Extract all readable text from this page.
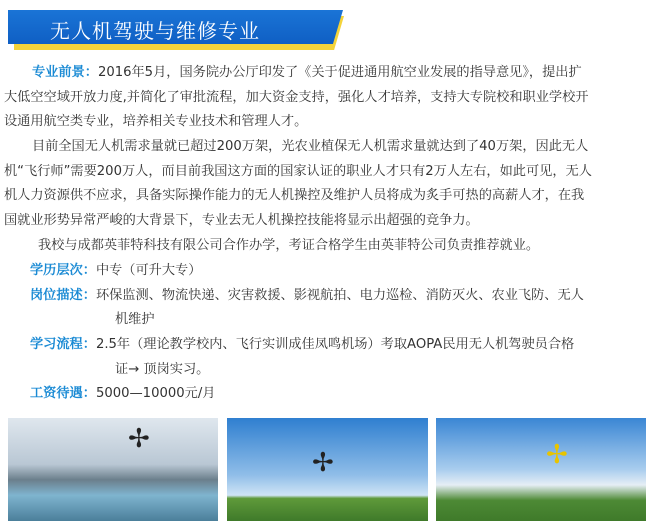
无人机驾驶与维修专业
专业前景：2016年5月，国务院办公厅印发了《关于促进通用航空业发展的指导意见》，提出扩
大低空空域开放力度,并简化了审批流程，加大资金支持，强化人才培养，支持大专院校和职业学校开
设通用航空类专业，培养相关专业技术和管理人才。
目前全国无人机需求量就已超过200万架，光农业植保无人机需求量就达到了40万架，因此无人
机“飞行师”需要200万人，而目前我国这方面的国家认证的职业人才只有2万人左右，如此可见，无人
机人力资源供不应求，具备实际操作能力的无人机操控及维护人员将成为炙手可热的高薪人才，在我
国就业形势异常严峻的大背景下，专业去无人机操控技能将显示出超强的竞争力。
我校与成都英菲特科技有限公司合作办学，考证合格学生由英菲特公司负责推荐就业。
学历层次：中专（可升大专）
岗位描述：环保监测、物流快递、灾害救援、影视航拍、电力巡检、消防灭火、农业飞防、无人
机维护
学习流程：2.5年（理论教学校内、飞行实训成佳凤鸣机场）考取AOPA民用无人机驾驶员合格
证→ 顶岗实习。
工资待遇：5000—10000元/月
✢
✢	✢
